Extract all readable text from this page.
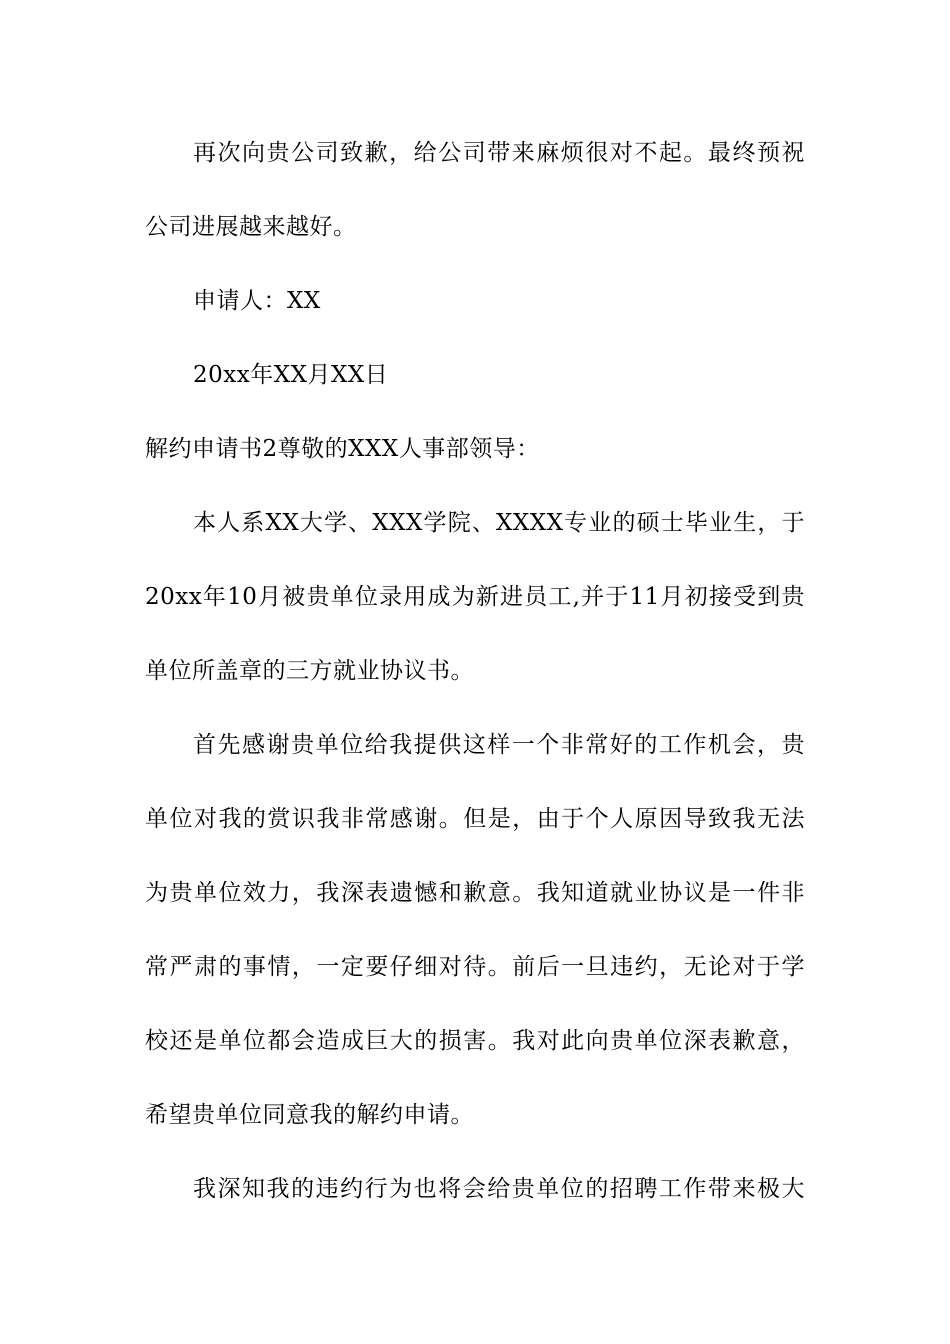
再次向贵公司致歉，给公司带来麻烦很对不起。最终预祝
公司进展越来越好。
申请人：XX
20xx年XX月XX日
解约申请书2尊敬的XXX人事部领导：
本人系XX大学、XXX学院、XXXX专业的硕士毕业生，于
20xx年10月被贵单位录用成为新进员工,并于11月初接受到贵
单位所盖章的三方就业协议书。
首先感谢贵单位给我提供这样一个非常好的工作机会，贵
单位对我的赏识我非常感谢。但是，由于个人原因导致我无法
为贵单位效力，我深表遗憾和歉意。我知道就业协议是一件非
常严肃的事情，一定要仔细对待。前后一旦违约，无论对于学
校还是单位都会造成巨大的损害。我对此向贵单位深表歉意，
希望贵单位同意我的解约申请。
我深知我的违约行为也将会给贵单位的招聘工作带来极大
